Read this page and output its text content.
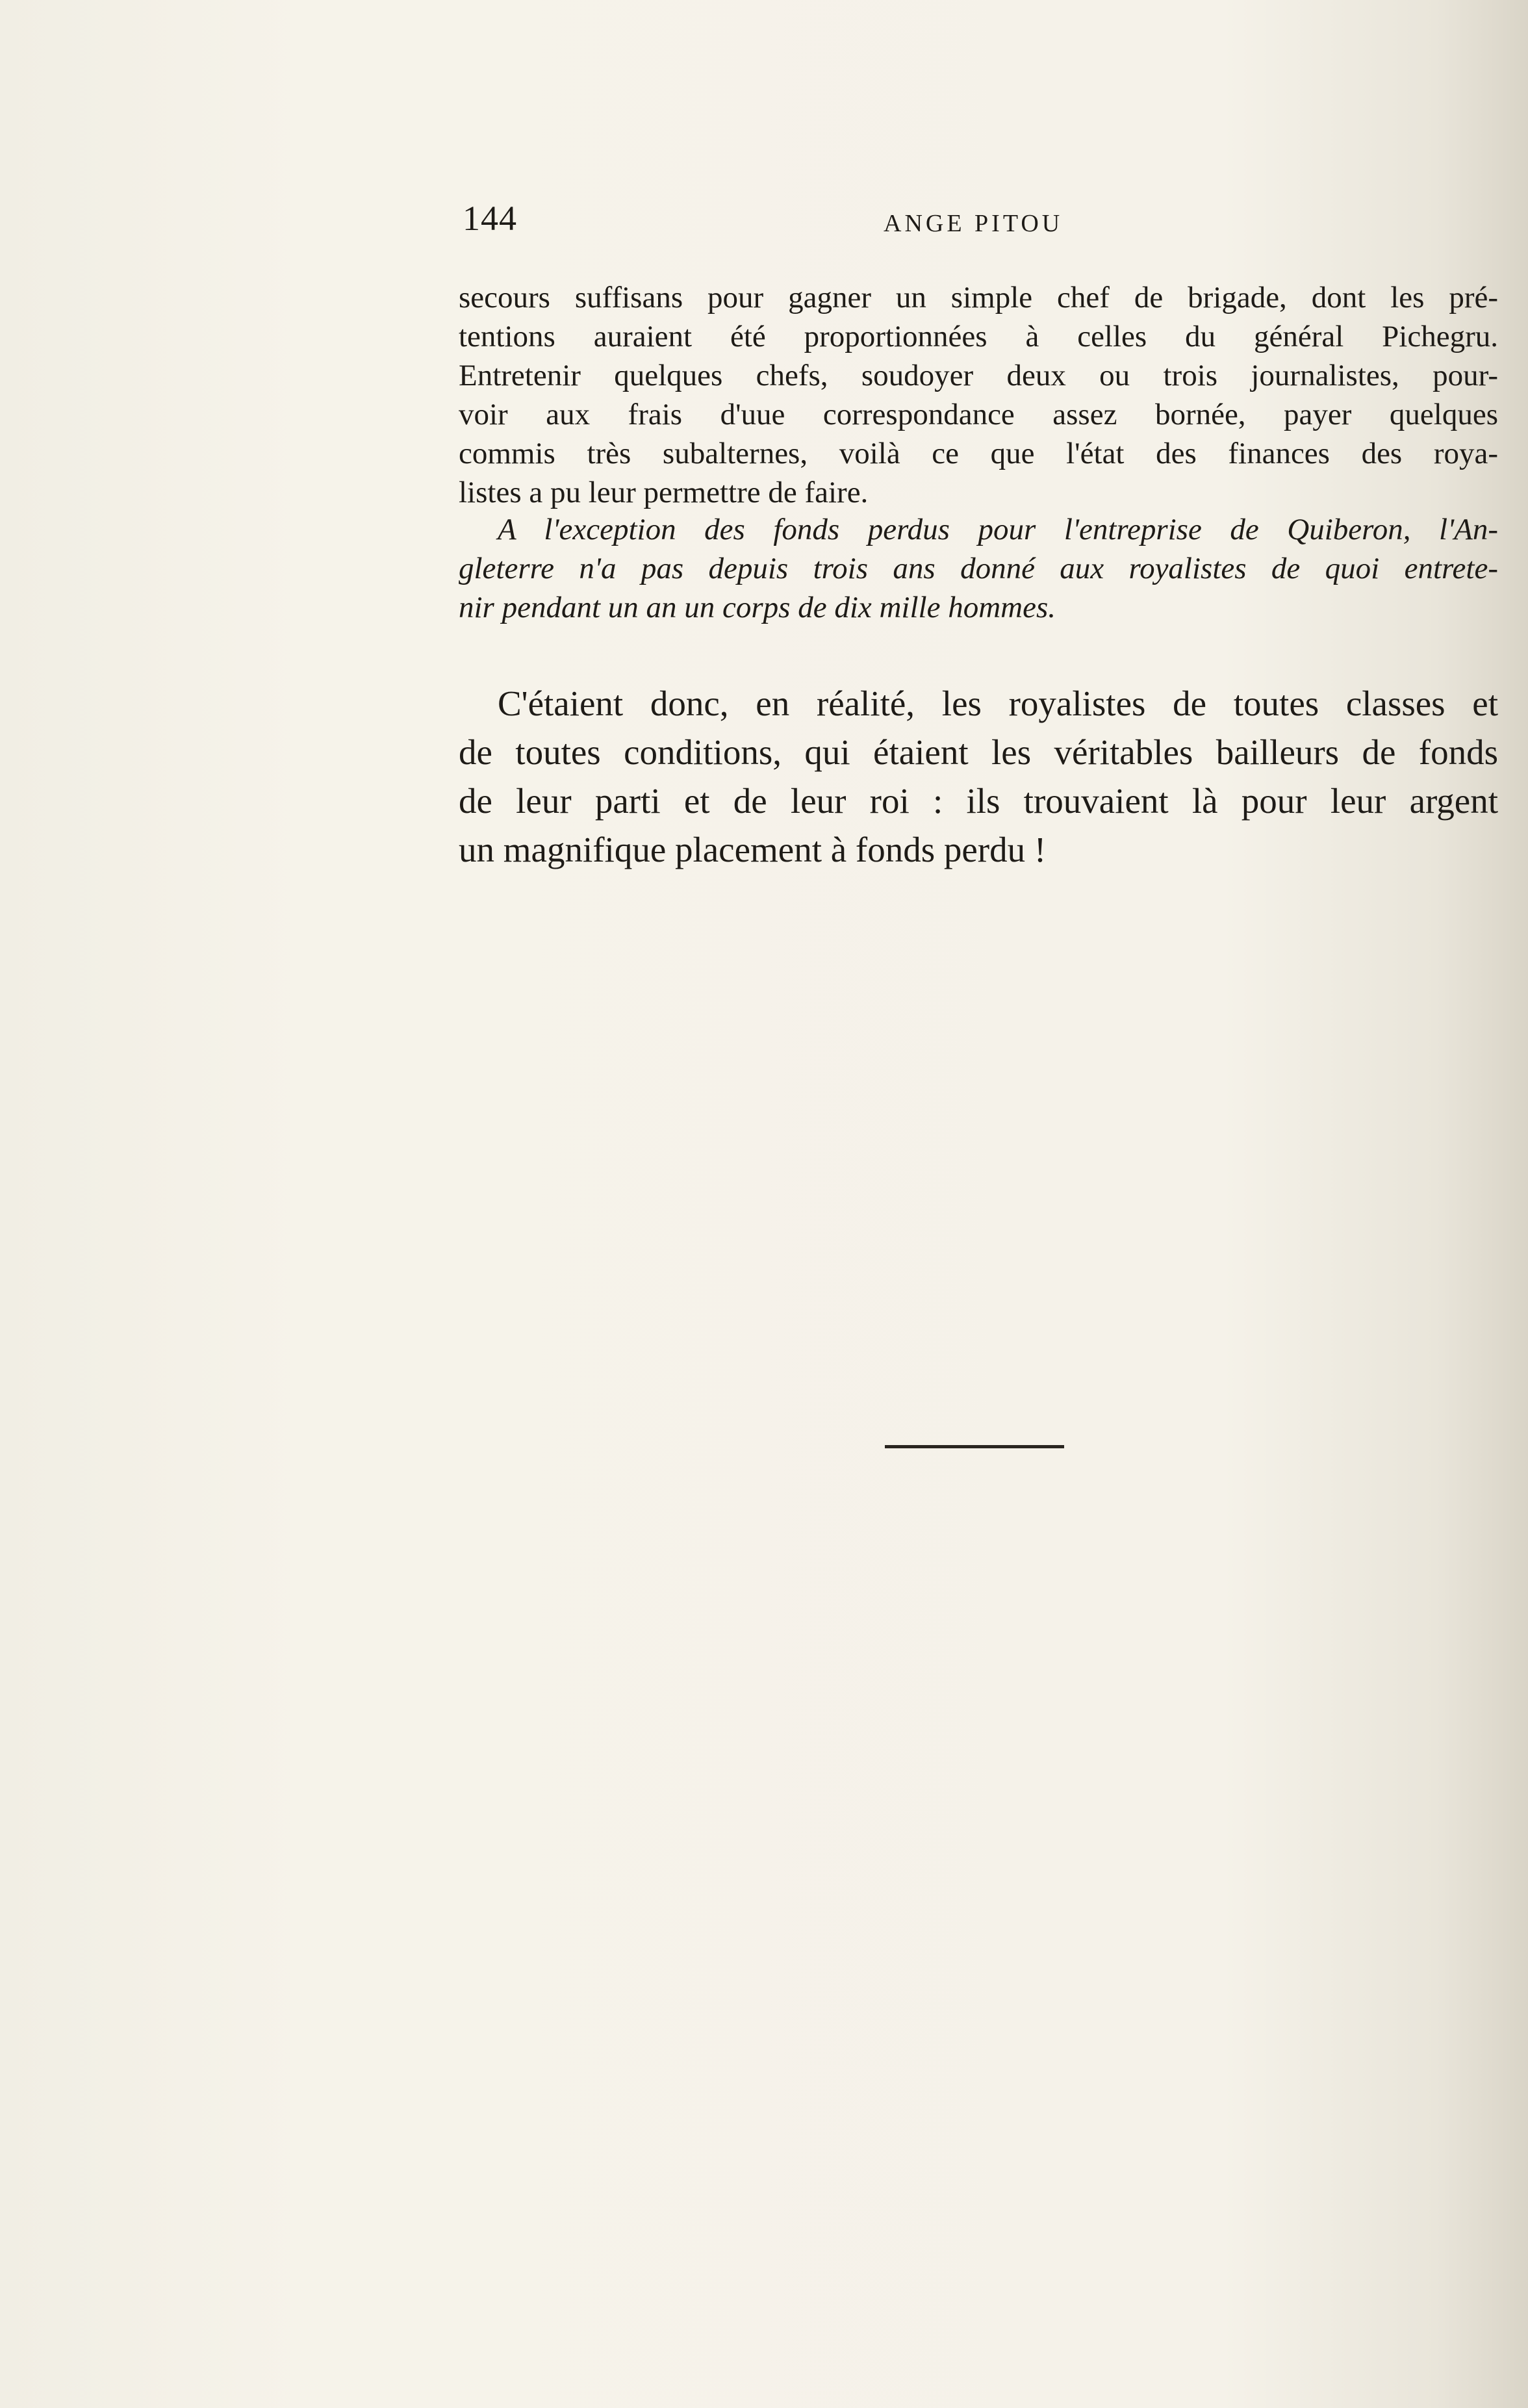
144	ANGE PITOU
secours suffisans pour gagner un simple chef de brigade, dont les pré-
tentions auraient été proportionnées à celles du général Pichegru.
Entretenir quelques chefs, soudoyer deux ou trois journalistes, pour-
voir aux frais d'uue correspondance assez bornée, payer quelques
commis très subalternes, voilà ce que l'état des finances des roya-
listes a pu leur permettre de faire.
A l'exception des fonds perdus pour l'entreprise de Quiberon, l'An-
gleterre n'a pas depuis trois ans donné aux royalistes de quoi entrete-
nir pendant un an un corps de dix mille hommes.
C'étaient donc, en réalité, les royalistes de toutes classes et
de toutes conditions, qui étaient les véritables bailleurs de fonds
de leur parti et de leur roi : ils trouvaient là pour leur argent
un magnifique placement à fonds perdu !
